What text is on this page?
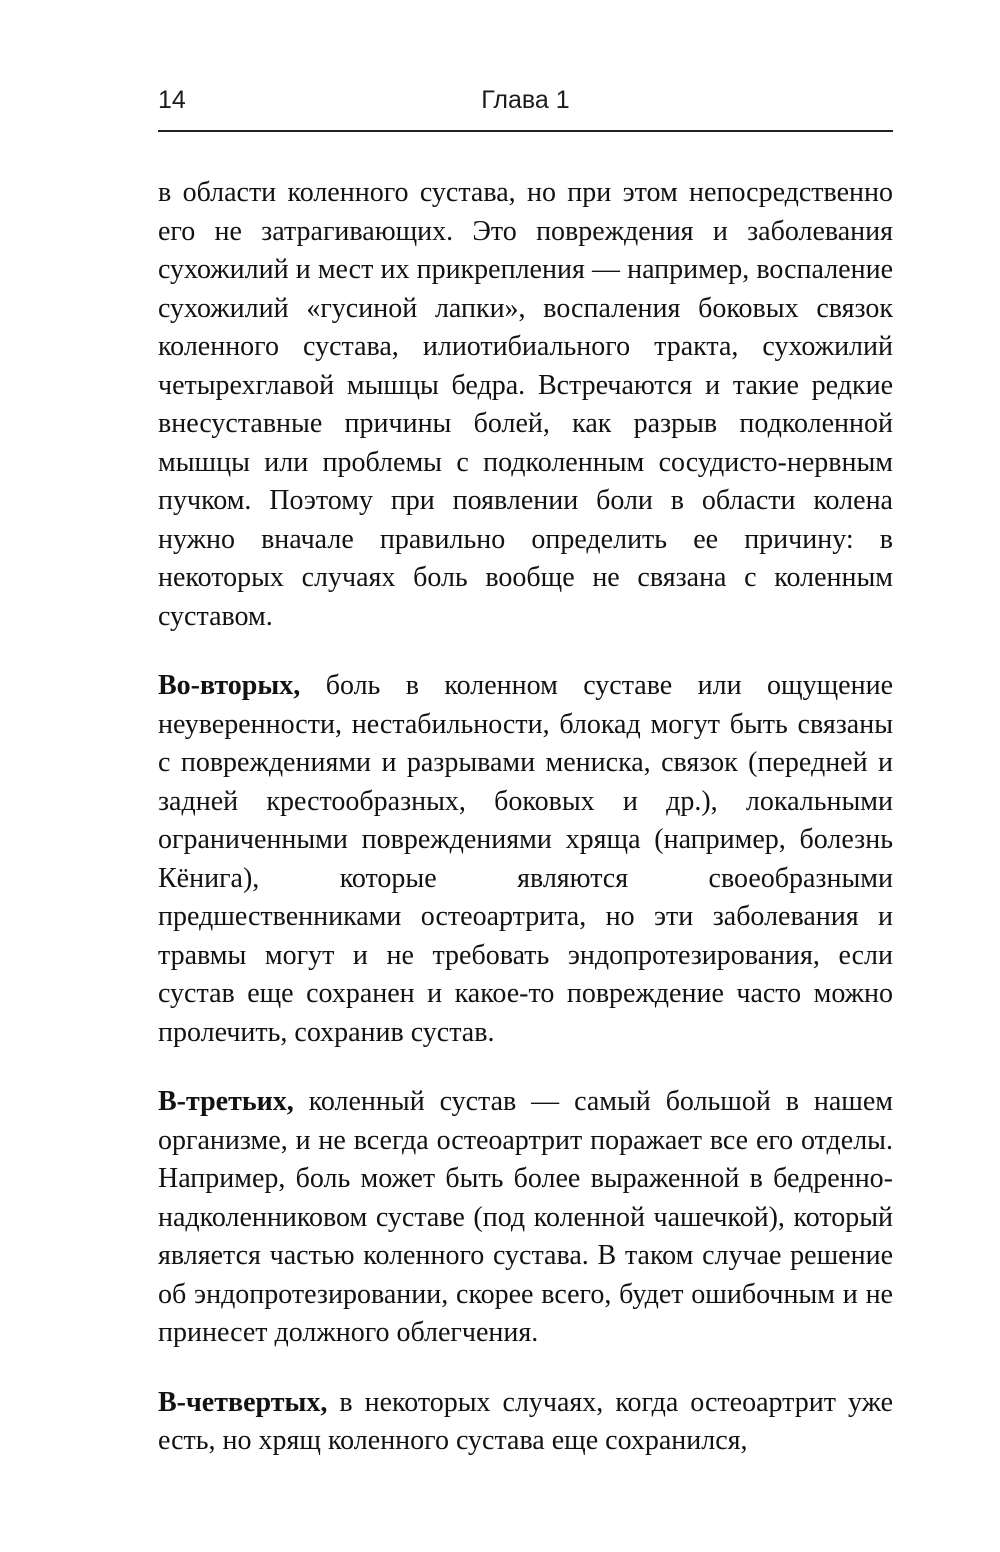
14	Глава 1

в области коленного сустава, но при этом непосредственно его не затрагивающих. Это повреждения и заболевания сухожилий и мест их прикрепления — например, воспаление сухожилий «гусиной лапки», воспаления боковых связок коленного сустава, илиотибиального тракта, сухожилий четырехглавой мышцы бедра. Встречаются и такие редкие внесуставные причины болей, как разрыв подколенной мышцы или проблемы с подколенным сосудисто-нервным пучком. Поэтому при появлении боли в области колена нужно вначале правильно определить ее причину: в некоторых случаях боль вообще не связана с коленным суставом.

Во-вторых, боль в коленном суставе или ощущение неуверенности, нестабильности, блокад могут быть связаны с повреждениями и разрывами мениска, связок (передней и задней крестообразных, боковых и др.), локальными ограниченными повреждениями хряща (например, болезнь Кёнига), которые являются своеобразными предшественниками остеоартрита, но эти заболевания и травмы могут и не требовать эндопротезирования, если сустав еще сохранен и какое-то повреждение часто можно пролечить, сохранив сустав.

В-третьих, коленный сустав — самый большой в нашем организме, и не всегда остеоартрит поражает все его отделы. Например, боль может быть более выраженной в бедренно-надколенниковом суставе (под коленной чашечкой), который является частью коленного сустава. В таком случае решение об эндопротезировании, скорее всего, будет ошибочным и не принесет должного облегчения.

В-четвертых, в некоторых случаях, когда остеоартрит уже есть, но хрящ коленного сустава еще сохранился,
